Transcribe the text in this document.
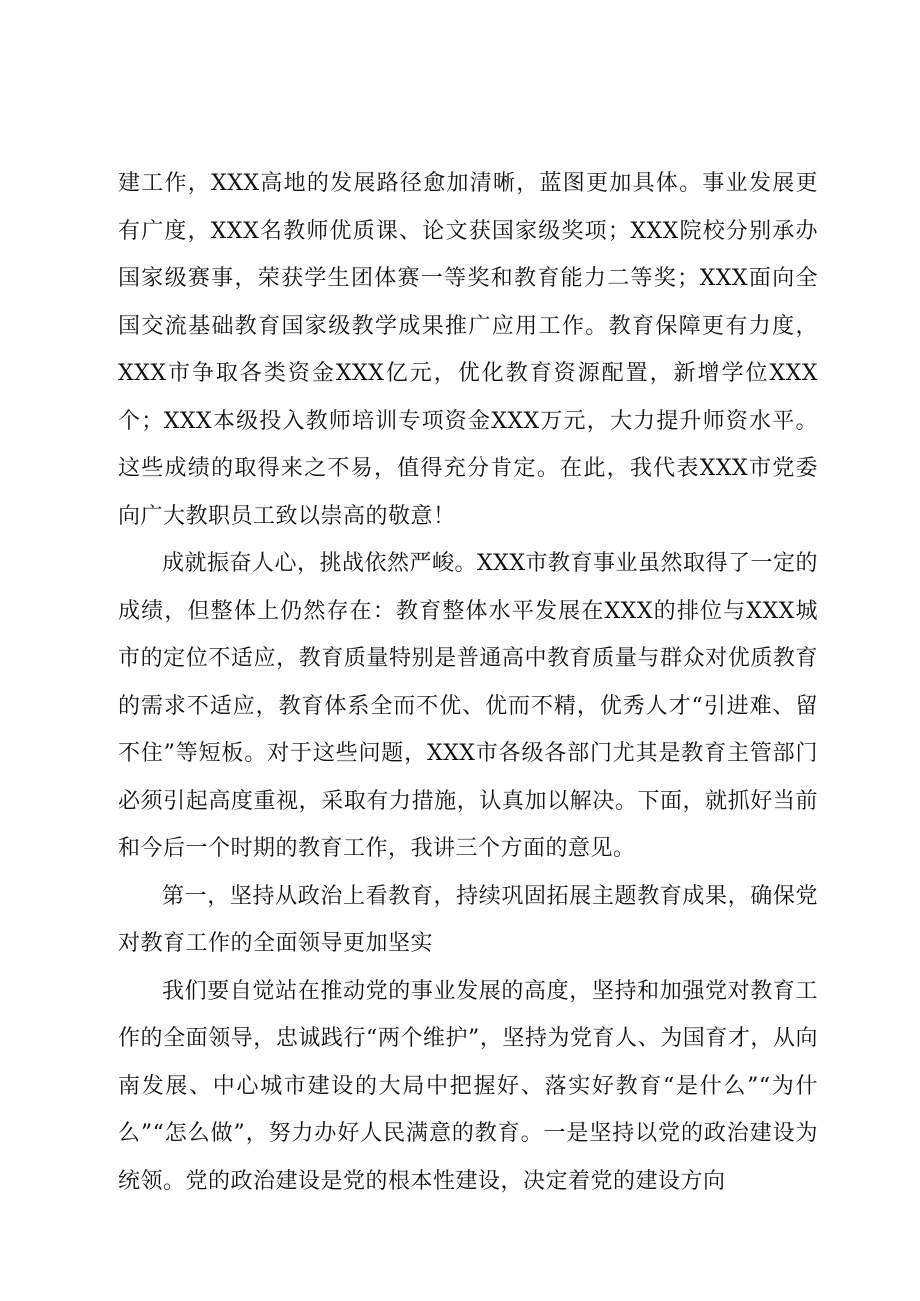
建工作，XXX高地的发展路径愈加清晰，蓝图更加具体。事业发展更有广度，XXX名教师优质课、论文获国家级奖项；XXX院校分别承办国家级赛事，荣获学生团体赛一等奖和教育能力二等奖；XXX面向全国交流基础教育国家级教学成果推广应用工作。教育保障更有力度，XXX市争取各类资金XXX亿元，优化教育资源配置，新增学位XXX个；XXX本级投入教师培训专项资金XXX万元，大力提升师资水平。这些成绩的取得来之不易，值得充分肯定。在此，我代表XXX市党委向广大教职员工致以崇高的敬意！

成就振奋人心，挑战依然严峻。XXX市教育事业虽然取得了一定的成绩，但整体上仍然存在：教育整体水平发展在XXX的排位与XXX城市的定位不适应，教育质量特别是普通高中教育质量与群众对优质教育的需求不适应，教育体系全而不优、优而不精，优秀人才“引进难、留不住”等短板。对于这些问题，XXX市各级各部门尤其是教育主管部门必须引起高度重视，采取有力措施，认真加以解决。下面，就抓好当前和今后一个时期的教育工作，我讲三个方面的意见。

第一，坚持从政治上看教育，持续巩固拓展主题教育成果，确保党对教育工作的全面领导更加坚实

我们要自觉站在推动党的事业发展的高度，坚持和加强党对教育工作的全面领导，忠诚践行“两个维护”，坚持为党育人、为国育才，从向南发展、中心城市建设的大局中把握好、落实好教育“是什么”“为什么”“怎么做”，努力办好人民满意的教育。一是坚持以党的政治建设为统领。党的政治建设是党的根本性建设，决定着党的建设方向
